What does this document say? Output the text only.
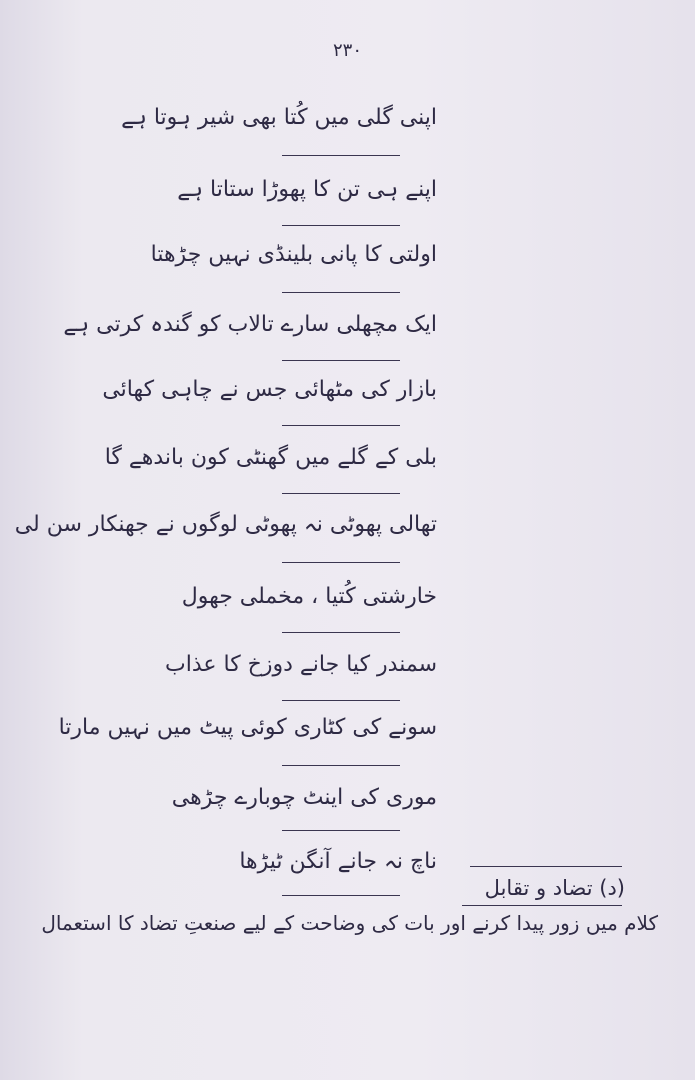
۲۳۰
اپنی گلی میں کُتا بھی شیر ہوتا ہے
اپنے ہی تن کا پھوڑا ستاتا ہے
اولتی کا پانی بلینڈی نہیں چڑھتا
ایک مچھلی سارے تالاب کو گندہ کرتی ہے
بازار کی مٹھائی جس نے چاہی کھائی
بلی کے گلے میں گھنٹی کون باندھے گا
تھالی پھوٹی نہ پھوٹی لوگوں نے جھنکار سن لی
خارشتی کُتیا ، مخملی جھول
سمندر کیا جانے دوزخ کا عذاب
سونے کی کٹاری کوئی پیٹ میں نہیں مارتا
موری کی اینٹ چوبارے چڑھی
ناچ نہ جانے آنگن ٹیڑھا
(د) تضاد و تقابل
کلام میں زور پیدا کرنے اور بات کی وضاحت کے لیے صنعتِ تضاد کا استعمال
